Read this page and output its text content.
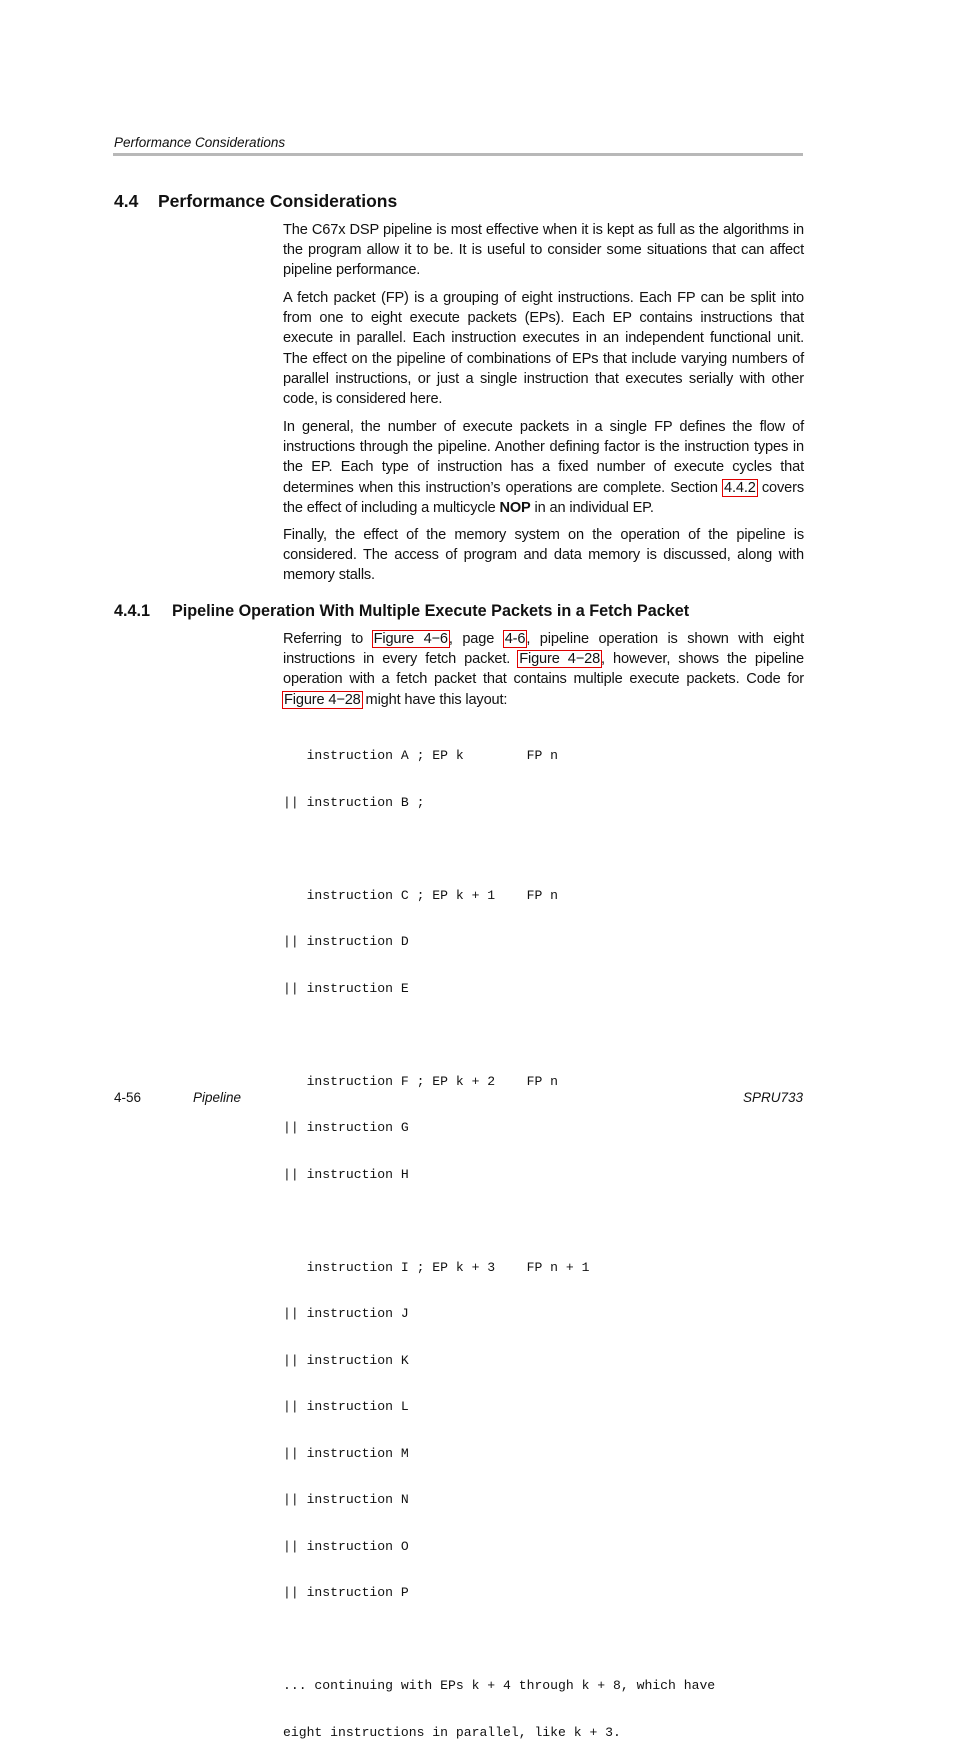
Performance Considerations
4.4 Performance Considerations

The C67x DSP pipeline is most effective when it is kept as full as the algorithms in the program allow it to be. It is useful to consider some situations that can affect pipeline performance.

A fetch packet (FP) is a grouping of eight instructions. Each FP can be split into from one to eight execute packets (EPs). Each EP contains instructions that execute in parallel. Each instruction executes in an independent functional unit. The effect on the pipeline of combinations of EPs that include varying numbers of parallel instructions, or just a single instruction that executes serially with other code, is considered here.

In general, the number of execute packets in a single FP defines the flow of instructions through the pipeline. Another defining factor is the instruction types in the EP. Each type of instruction has a fixed number of execute cycles that determines when this instruction’s operations are complete. Section 4.4.2 covers the effect of including a multicycle NOP in an individual EP.

Finally, the effect of the memory system on the operation of the pipeline is considered. The access of program and data memory is discussed, along with memory stalls.

4.4.1 Pipeline Operation With Multiple Execute Packets in a Fetch Packet

Referring to Figure 4−6, page 4-6, pipeline operation is shown with eight instructions in every fetch packet. Figure 4−28, however, shows the pipeline operation with a fetch packet that contains multiple execute packets. Code for Figure 4−28 might have this layout:

instruction A ; EP k        FP n

|| instruction B ;

instruction C ; EP k + 1    FP n

|| instruction D

|| instruction E

instruction F ; EP k + 2    FP n

|| instruction G

|| instruction H

instruction I ; EP k + 3    FP n + 1

|| instruction J

|| instruction K

|| instruction L

|| instruction M

|| instruction N

|| instruction O

|| instruction P

... continuing with EPs k + 4 through k + 8, which have

eight instructions in parallel, like k + 3.

4-56	Pipeline	SPRU733
